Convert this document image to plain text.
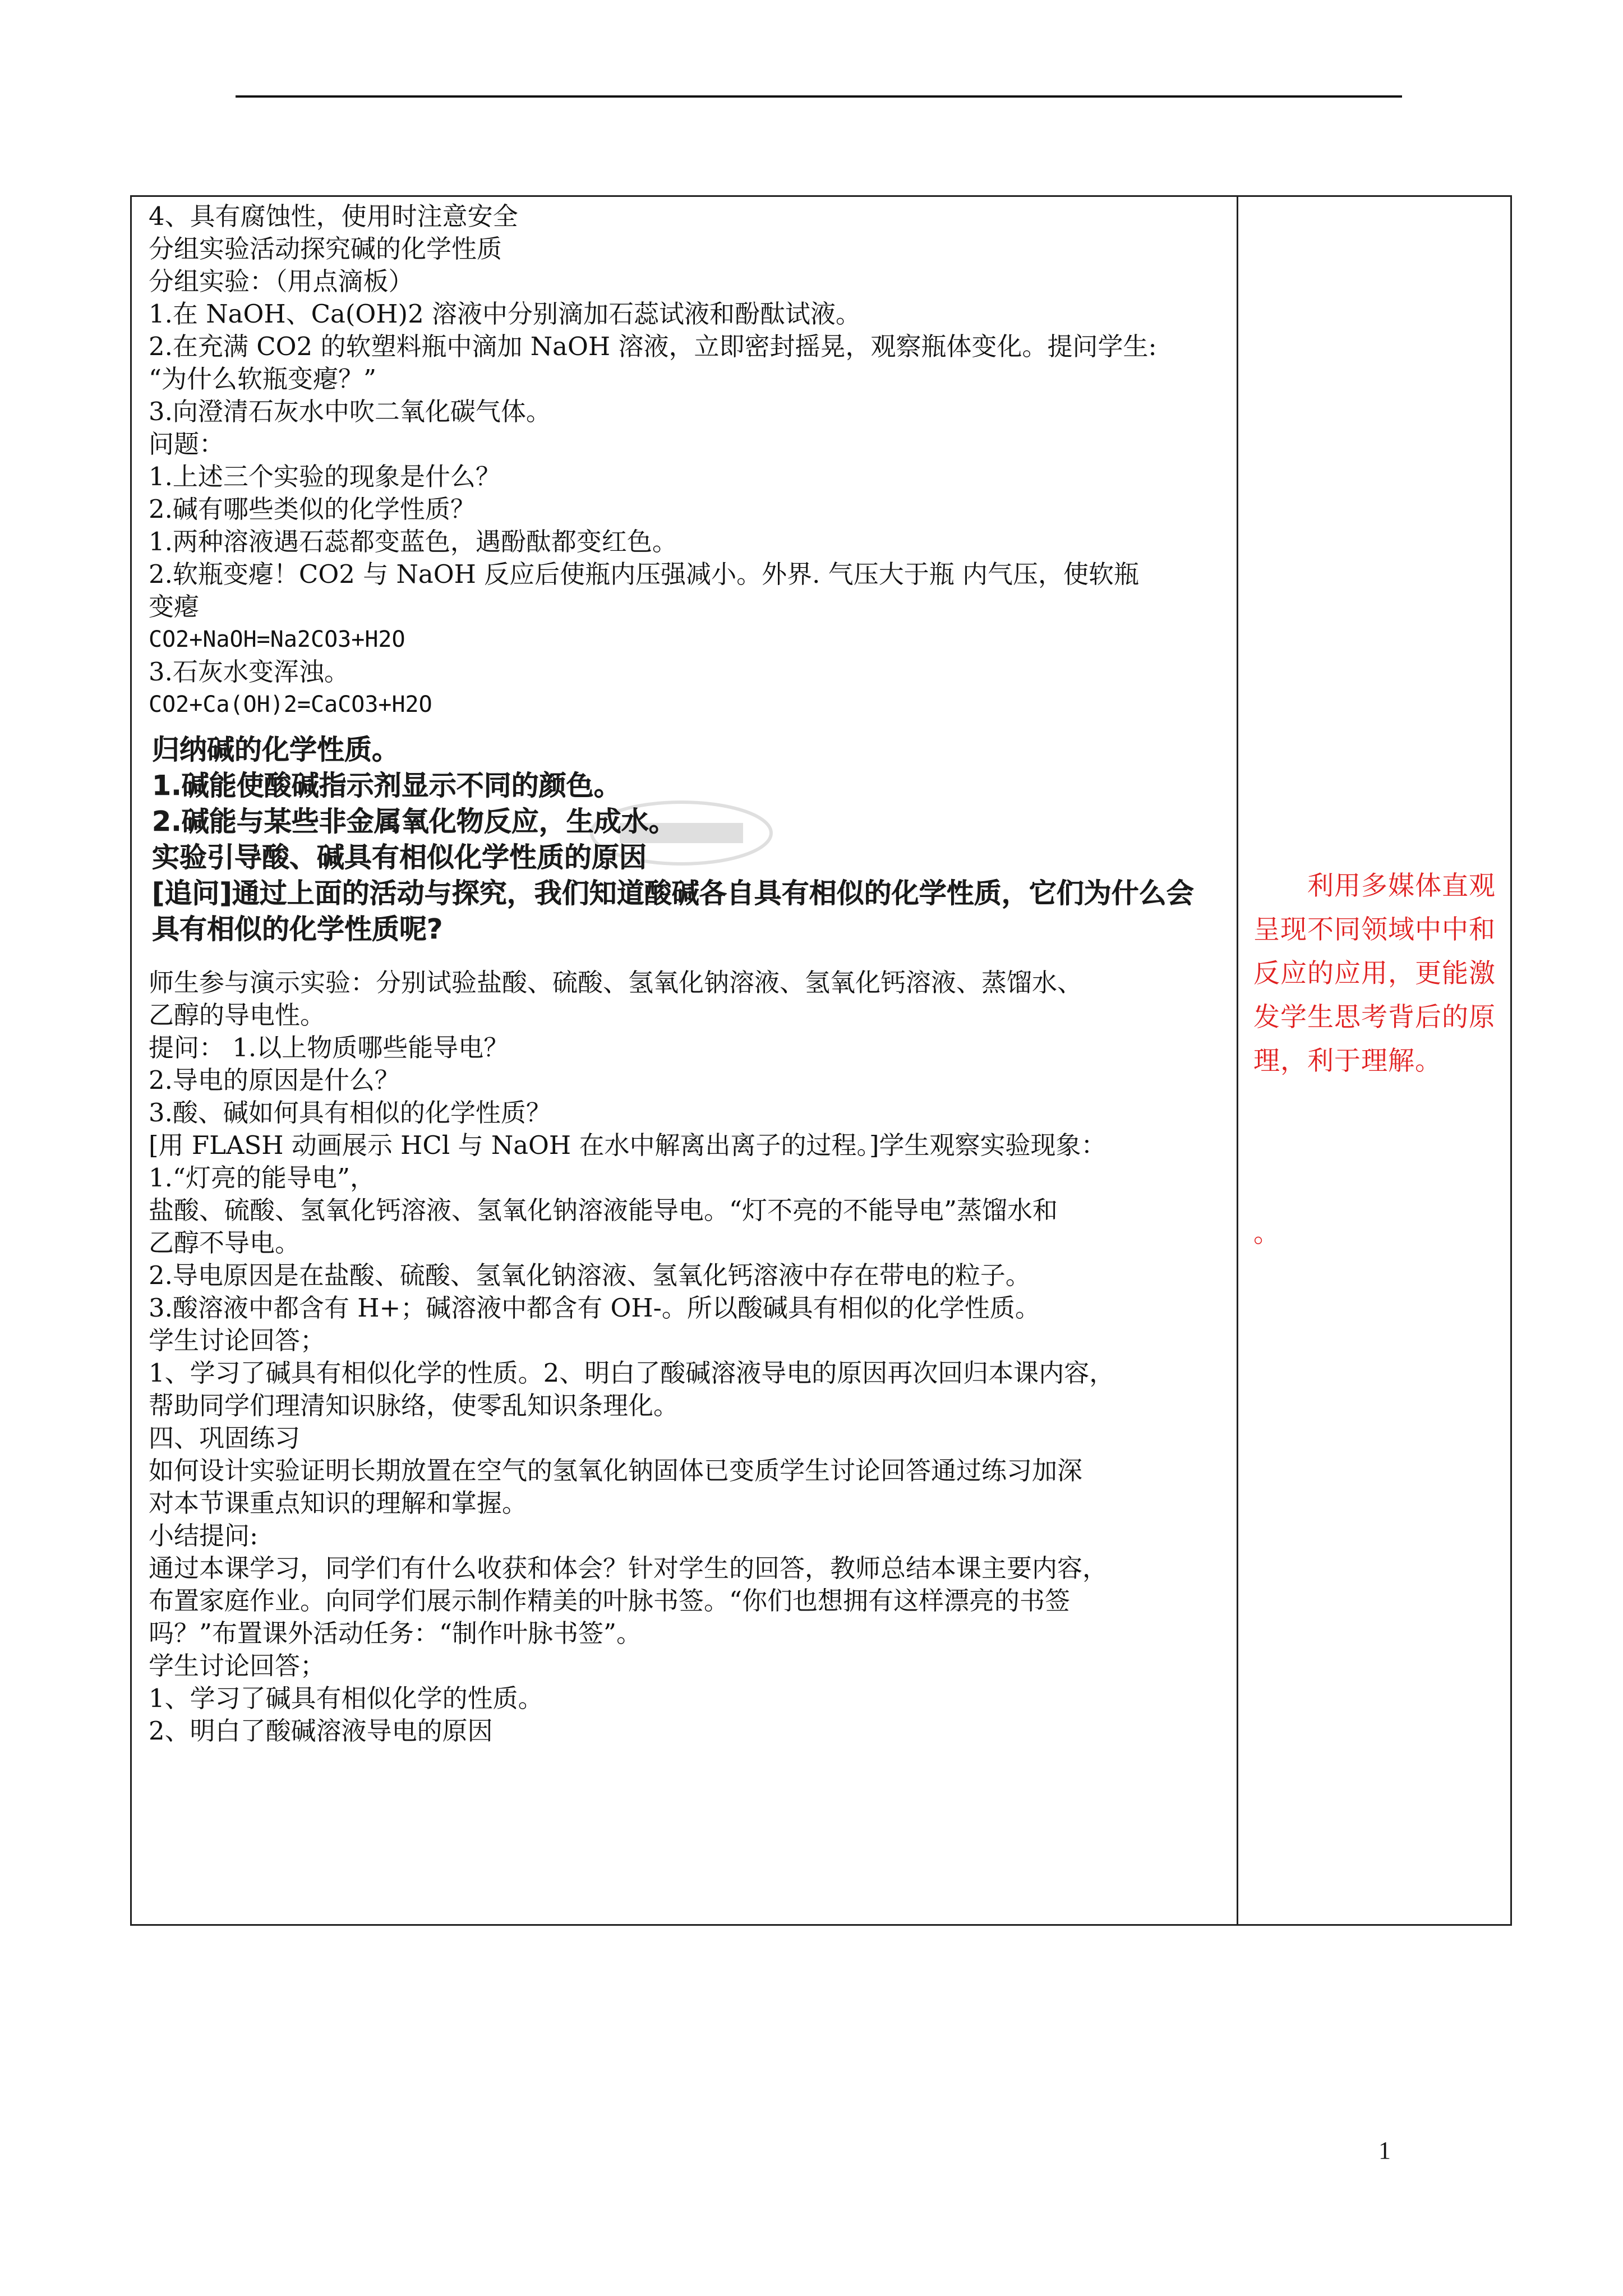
4、具有腐蚀性，使用时注意安全

分组实验活动探究碱的化学性质

分组实验：（用点滴板）

1.在 NaOH、Ca(OH)2 溶液中分别滴加石蕊试液和酚酞试液。

2.在充满 CO2 的软塑料瓶中滴加 NaOH 溶液，立即密封摇晃，观察瓶体变化。提问学生:

“为什么软瓶变瘪？”

3.向澄清石灰水中吹二氧化碳气体。

问题：

1.上述三个实验的现象是什么？

2.碱有哪些类似的化学性质？

1.两种溶液遇石蕊都变蓝色，遇酚酞都变红色。

2.软瓶变瘪！CO2 与 NaOH 反应后使瓶内压强减小。外界. 气压大于瓶 内气压，使软瓶

变瘪

CO2+NaOH=Na2CO3+H2O

3.石灰水变浑浊。

CO2+Ca(OH)2=CaCO3+H2O

归纳碱的化学性质。
1.碱能使酸碱指示剂显示不同的颜色。
2.碱能与某些非金属氧化物反应，生成水。
实验引导酸、碱具有相似化学性质的原因
[追问]通过上面的活动与探究，我们知道酸碱各自具有相似的化学性质，它们为什么会
具有相似的化学性质呢?

师生参与演示实验：分别试验盐酸、硫酸、氢氧化钠溶液、氢氧化钙溶液、蒸馏水、

乙醇的导电性。

提问： 1.以上物质哪些能导电？

2.导电的原因是什么？

3.酸、碱如何具有相似的化学性质？

[用 FLASH 动画展示 HCl 与 NaOH 在水中解离出离子的过程。]学生观察实验现象：

1.“灯亮的能导电”，

盐酸、硫酸、氢氧化钙溶液、氢氧化钠溶液能导电。“灯不亮的不能导电”蒸馏水和

乙醇不导电。

2.导电原因是在盐酸、硫酸、氢氧化钠溶液、氢氧化钙溶液中存在带电的粒子。

3.酸溶液中都含有 H+；碱溶液中都含有 OH-。所以酸碱具有相似的化学性质。

学生讨论回答；

1、学习了碱具有相似化学的性质。2、明白了酸碱溶液导电的原因再次回归本课内容，

帮助同学们理清知识脉络，使零乱知识条理化。

四、巩固练习

如何设计实验证明长期放置在空气的氢氧化钠固体已变质学生讨论回答通过练习加深

对本节课重点知识的理解和掌握。

小结提问:

通过本课学习，同学们有什么收获和体会？针对学生的回答，教师总结本课主要内容，

布置家庭作业。向同学们展示制作精美的叶脉书签。“你们也想拥有这样漂亮的书签

吗？”布置课外活动任务：“制作叶脉书签”。

学生讨论回答；

1、学习了碱具有相似化学的性质。

2、明白了酸碱溶液导电的原因

利用多媒体直观呈现不同领域中中和反应的应用，更能激发学生思考背后的原理，利于理解。
。
1
